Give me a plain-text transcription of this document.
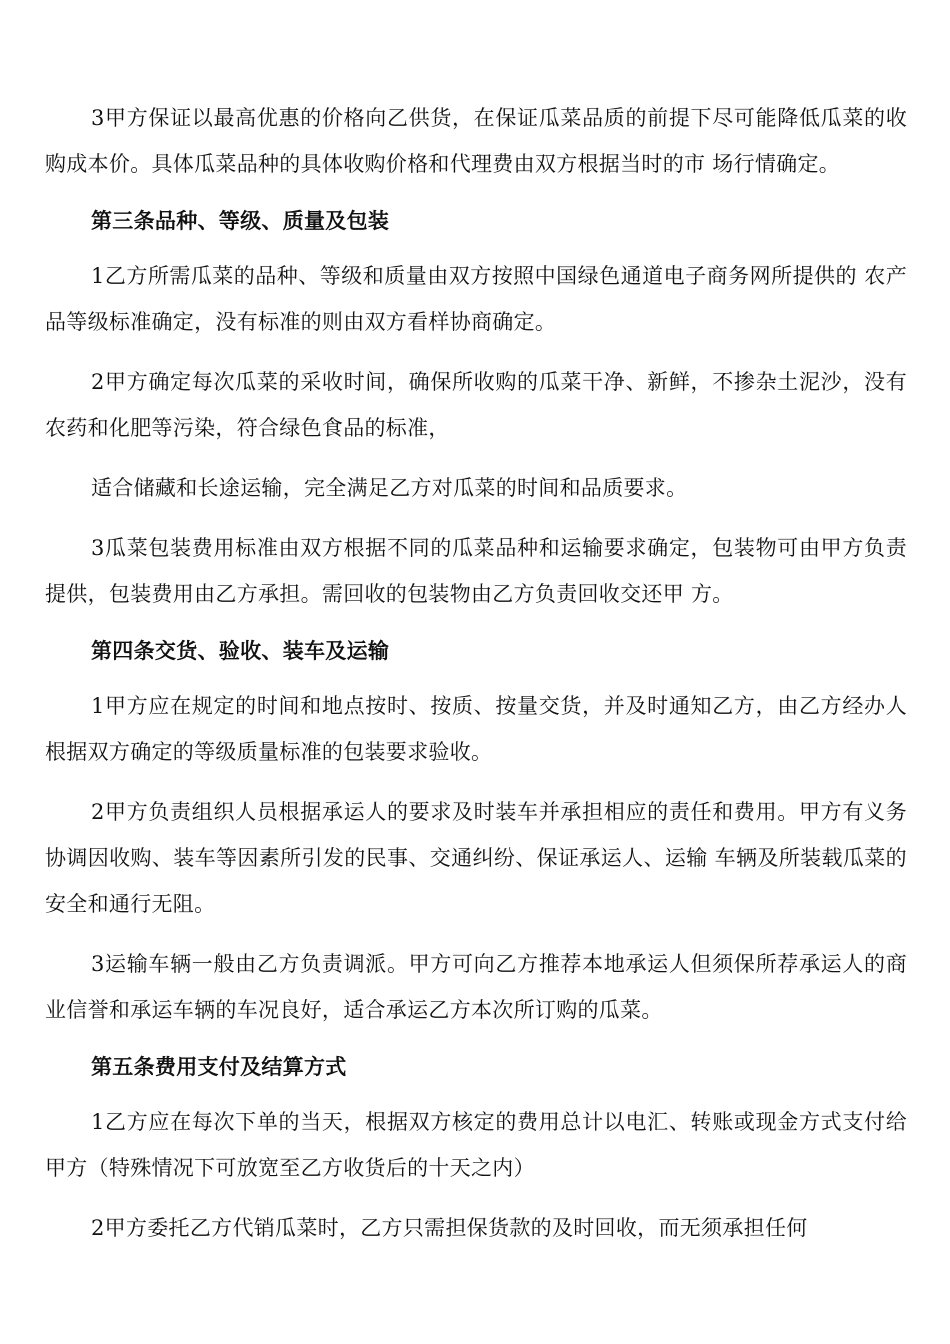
3甲方保证以最高优惠的价格向乙供货，在保证瓜菜品质的前提下尽可能降低瓜菜的收购成本价。具体瓜菜品种的具体收购价格和代理费由双方根据当时的市 场行情确定。

第三条品种、等级、质量及包装

1乙方所需瓜菜的品种、等级和质量由双方按照中国绿色通道电子商务网所提供的 农产品等级标准确定，没有标准的则由双方看样协商确定。

2甲方确定每次瓜菜的采收时间，确保所收购的瓜菜干净、新鲜，不掺杂土泥沙，没有农药和化肥等污染，符合绿色食品的标准，

适合储藏和长途运输，完全满足乙方对瓜菜的时间和品质要求。

3瓜菜包装费用标准由双方根据不同的瓜菜品种和运输要求确定，包装物可由甲方负责提供，包装费用由乙方承担。需回收的包装物由乙方负责回收交还甲 方。

第四条交货、验收、装车及运输

1甲方应在规定的时间和地点按时、按质、按量交货，并及时通知乙方，由乙方经办人根据双方确定的等级质量标准的包装要求验收。

2甲方负责组织人员根据承运人的要求及时装车并承担相应的责任和费用。甲方有义务协调因收购、装车等因素所引发的民事、交通纠纷、保证承运人、运输 车辆及所装载瓜菜的安全和通行无阻。

3运输车辆一般由乙方负责调派。甲方可向乙方推荐本地承运人但须保所荐承运人的商业信誉和承运车辆的车况良好，适合承运乙方本次所订购的瓜菜。

第五条费用支付及结算方式

1乙方应在每次下单的当天，根据双方核定的费用总计以电汇、转账或现金方式支付给甲方（特殊情况下可放宽至乙方收货后的十天之内）

2甲方委托乙方代销瓜菜时，乙方只需担保货款的及时回收，而无须承担任何
